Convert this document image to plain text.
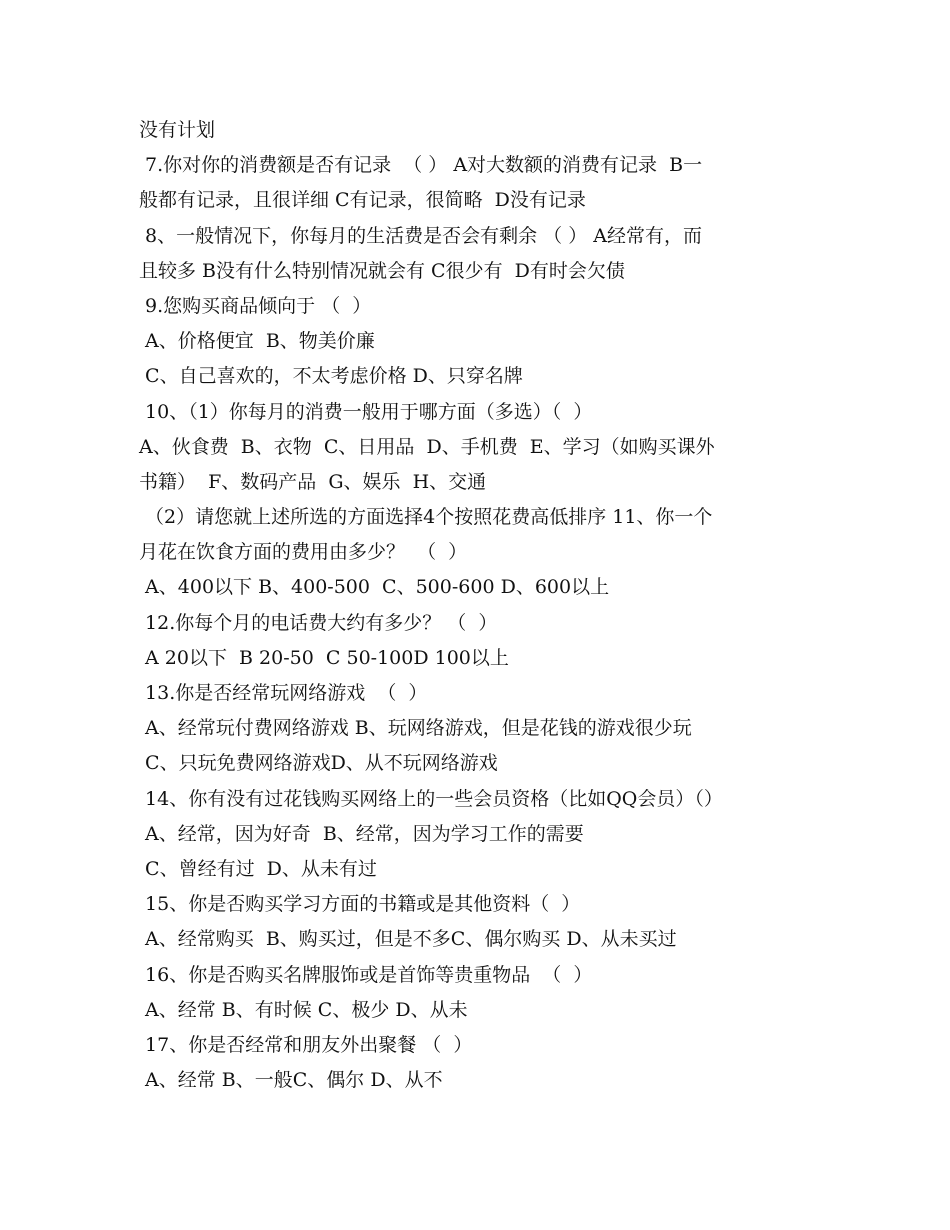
没有计划
7.你对你的消费额是否有记录  （ ） A对大数额的消费有记录  B一
般都有记录，且很详细 C有记录，很简略  D没有记录
8、一般情况下，你每月的生活费是否会有剩余 （ ） A经常有，而
且较多 B没有什么特别情况就会有 C很少有  D有时会欠债
9.您购买商品倾向于 （  ）
A、价格便宜  B、物美价廉
C、自己喜欢的，不太考虑价格 D、只穿名牌
10、（1）你每月的消费一般用于哪方面（多选）（  ）
A、伙食费  B、衣物  C、日用品  D、手机费  E、学习（如购买课外
书籍）  F、数码产品  G、娱乐  H、交通
（2）请您就上述所选的方面选择4个按照花费高低排序 11、你一个
月花在饮食方面的费用由多少？  （  ）
A、400以下 B、400-500  C、500-600 D、600以上
12.你每个月的电话费大约有多少？ （  ）
A 20以下  B 20-50  C 50-100D 100以上
13.你是否经常玩网络游戏  （  ）
A、经常玩付费网络游戏 B、玩网络游戏，但是花钱的游戏很少玩
C、只玩免费网络游戏D、从不玩网络游戏
14、你有没有过花钱购买网络上的一些会员资格（比如QQ会员）（）
A、经常，因为好奇  B、经常，因为学习工作的需要
C、曾经有过  D、从未有过
15、你是否购买学习方面的书籍或是其他资料（  ）
A、经常购买  B、购买过，但是不多C、偶尔购买 D、从未买过
16、你是否购买名牌服饰或是首饰等贵重物品  （  ）
A、经常 B、有时候 C、极少 D、从未
17、你是否经常和朋友外出聚餐 （  ）
A、经常 B、一般C、偶尔 D、从不
